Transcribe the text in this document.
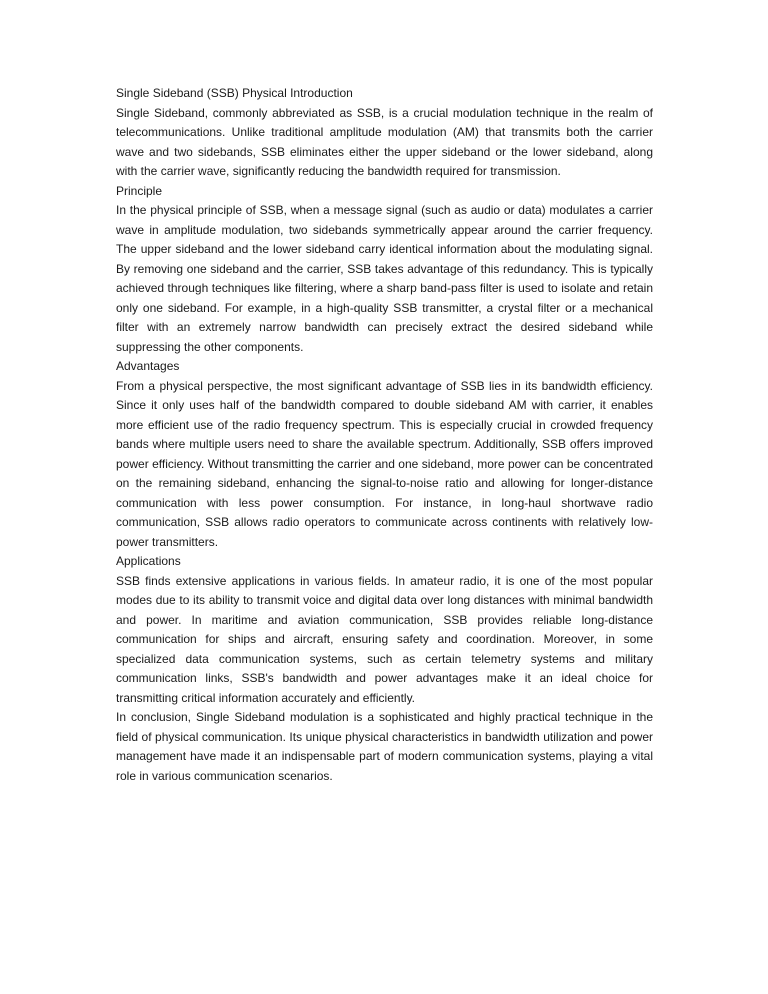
Single Sideband (SSB) Physical Introduction

Single Sideband, commonly abbreviated as SSB, is a crucial modulation technique in the realm of telecommunications. Unlike traditional amplitude modulation (AM) that transmits both the carrier wave and two sidebands, SSB eliminates either the upper sideband or the lower sideband, along with the carrier wave, significantly reducing the bandwidth required for transmission.

Principle

In the physical principle of SSB, when a message signal (such as audio or data) modulates a carrier wave in amplitude modulation, two sidebands symmetrically appear around the carrier frequency. The upper sideband and the lower sideband carry identical information about the modulating signal. By removing one sideband and the carrier, SSB takes advantage of this redundancy. This is typically achieved through techniques like filtering, where a sharp band-pass filter is used to isolate and retain only one sideband. For example, in a high-quality SSB transmitter, a crystal filter or a mechanical filter with an extremely narrow bandwidth can precisely extract the desired sideband while suppressing the other components.

Advantages

From a physical perspective, the most significant advantage of SSB lies in its bandwidth efficiency. Since it only uses half of the bandwidth compared to double sideband AM with carrier, it enables more efficient use of the radio frequency spectrum. This is especially crucial in crowded frequency bands where multiple users need to share the available spectrum. Additionally, SSB offers improved power efficiency. Without transmitting the carrier and one sideband, more power can be concentrated on the remaining sideband, enhancing the signal-to-noise ratio and allowing for longer-distance communication with less power consumption. For instance, in long-haul shortwave radio communication, SSB allows radio operators to communicate across continents with relatively low-power transmitters.

Applications

SSB finds extensive applications in various fields. In amateur radio, it is one of the most popular modes due to its ability to transmit voice and digital data over long distances with minimal bandwidth and power. In maritime and aviation communication, SSB provides reliable long-distance communication for ships and aircraft, ensuring safety and coordination. Moreover, in some specialized data communication systems, such as certain telemetry systems and military communication links, SSB's bandwidth and power advantages make it an ideal choice for transmitting critical information accurately and efficiently.

In conclusion, Single Sideband modulation is a sophisticated and highly practical technique in the field of physical communication. Its unique physical characteristics in bandwidth utilization and power management have made it an indispensable part of modern communication systems, playing a vital role in various communication scenarios.
